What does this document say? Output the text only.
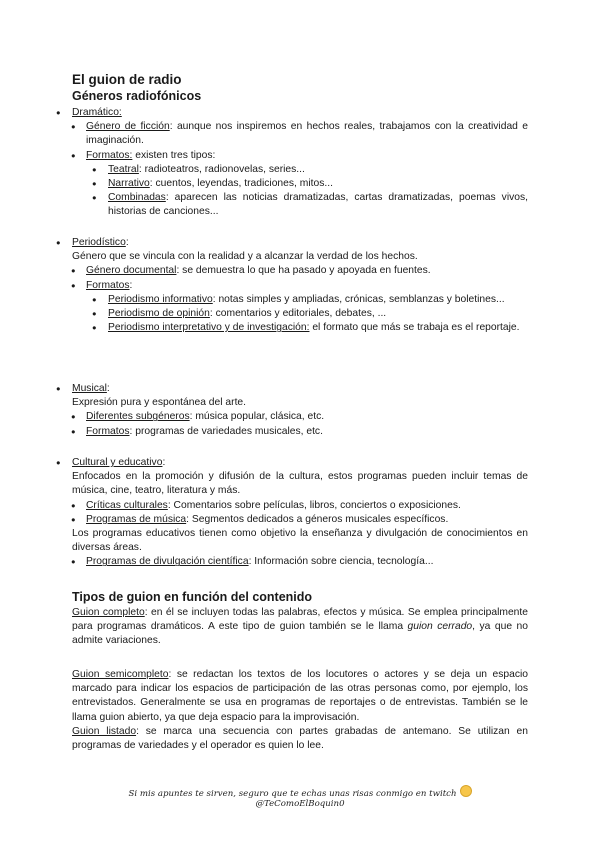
El guion de radio
Géneros radiofónicos
● Dramático:
● Género de ficción: aunque nos inspiremos en hechos reales, trabajamos con la creatividad e imaginación.
● Formatos: existen tres tipos:
● Teatral: radioteatros, radionovelas, series...
● Narrativo: cuentos, leyendas, tradiciones, mitos...
● Combinadas: aparecen las noticias dramatizadas, cartas dramatizadas, poemas vivos, historias de canciones...
● Periodístico:
Género que se vincula con la realidad y a alcanzar la verdad de los hechos.
● Género documental: se demuestra lo que ha pasado y apoyada en fuentes.
● Formatos:
● Periodismo informativo: notas simples y ampliadas, crónicas, semblanzas y boletines...
● Periodismo de opinión: comentarios y editoriales, debates, ...
● Periodismo interpretativo y de investigación: el formato que más se trabaja es el reportaje.
● Musical:
Expresión pura y espontánea del arte.
● Diferentes subgéneros: música popular, clásica, etc.
● Formatos: programas de variedades musicales, etc.
● Cultural y educativo:
Enfocados en la promoción y difusión de la cultura, estos programas pueden incluir temas de música, cine, teatro, literatura y más.
● Críticas culturales: Comentarios sobre películas, libros, conciertos o exposiciones.
● Programas de música: Segmentos dedicados a géneros musicales específicos.
Los programas educativos tienen como objetivo la enseñanza y divulgación de conocimientos en diversas áreas.
● Programas de divulgación científica: Información sobre ciencia, tecnología...
Tipos de guion en función del contenido
Guion completo: en él se incluyen todas las palabras, efectos y música. Se emplea principalmente para programas dramáticos. A este tipo de guion también se le llama guion cerrado, ya que no admite variaciones.
Guion semicompleto: se redactan los textos de los locutores o actores y se deja un espacio marcado para indicar los espacios de participación de las otras personas como, por ejemplo, los entrevistados. Generalmente se usa en programas de reportajes o de entrevistas. También se le llama guion abierto, ya que deja espacio para la improvisación.
Guion listado: se marca una secuencia con partes grabadas de antemano. Se utilizan en programas de variedades y el operador es quien lo lee.
Si mis apuntes te sirven, seguro que te echas unas risas conmigo en twitch
@TeComoElBoquin0
